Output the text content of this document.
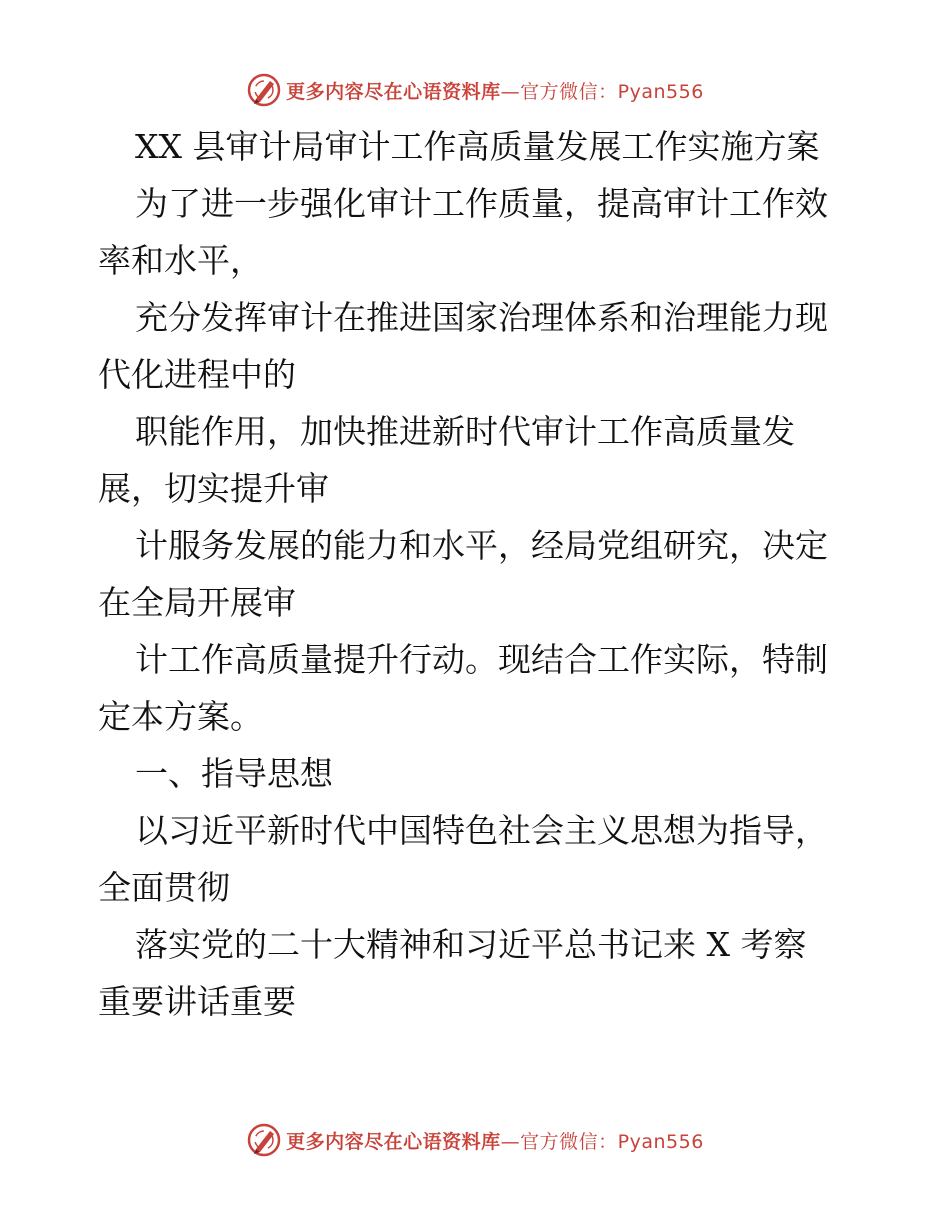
更多内容尽在心语资料库—官方微信：Pyan556
XX 县审计局审计工作高质量发展工作实施方案
为了进一步强化审计工作质量，提高审计工作效
率和水平，
充分发挥审计在推进国家治理体系和治理能力现
代化进程中的
职能作用，加快推进新时代审计工作高质量发
展，切实提升审
计服务发展的能力和水平，经局党组研究，决定
在全局开展审
计工作高质量提升行动。现结合工作实际，特制
定本方案。
一、指导思想
以习近平新时代中国特色社会主义思想为指导，
全面贯彻
落实党的二十大精神和习近平总书记来 X 考察
重要讲话重要
更多内容尽在心语资料库—官方微信：Pyan556
